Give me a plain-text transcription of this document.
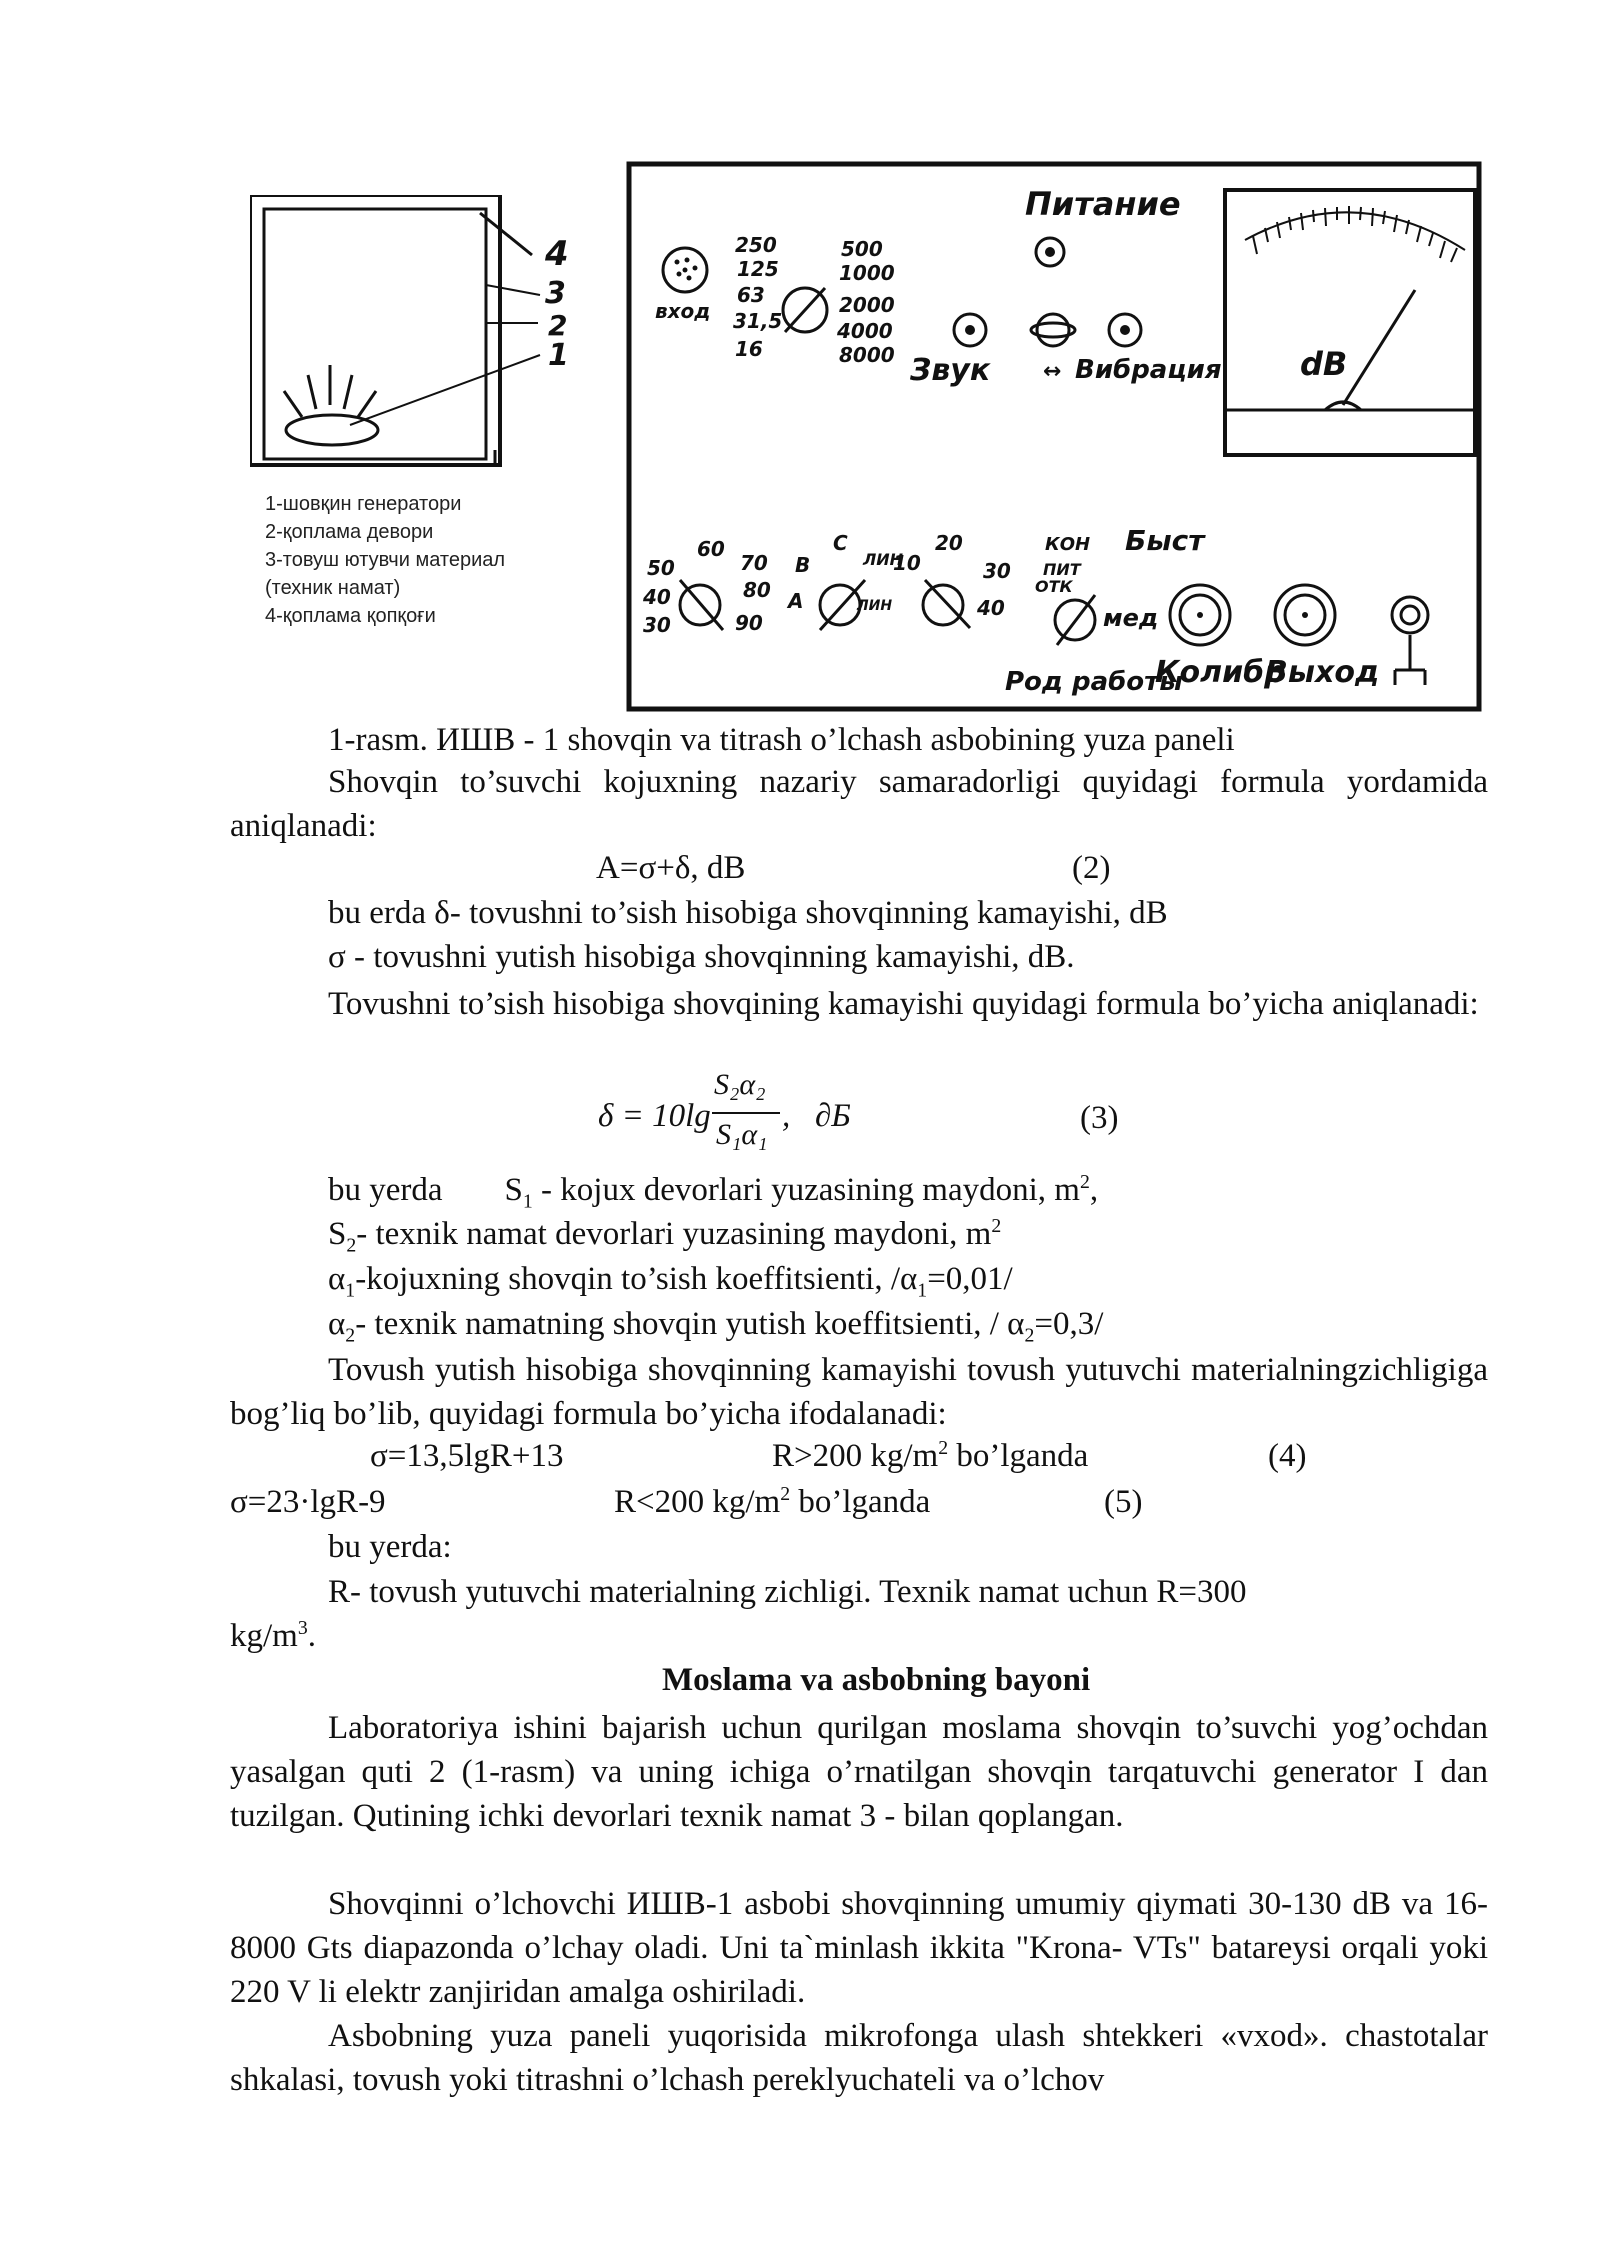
4
3
2
1
1-шовқин генератори
2-қоплама девори
3-товуш ютувчи материал
(техник намат)
4-қоплама қопқоғи
вход
250
125
63
31,5
16
500
1000
2000
4000
8000
Питание
Звук ↔ Вибрация dB
50
60
70
80
90
40
30
B
C
A
ЛИН
ЛИН
10
20
30
40
КОН
ПИТ
ОТК
Быст
мед
Род работы
Колибр
Выход
1-rasm. ИШВ - 1 shovqin va titrash o’lchash asbobining yuza paneli
Shovqin to’suvchi kojuxning nazariy samaradorligi quyidagi formula yordamida aniqlanadi:
A=σ+δ, dB	(2)
bu erda δ- tovushni to’sish hisobiga shovqinning kamayishi, dB
σ - tovushni yutish hisobiga shovqinning kamayishi, dB.
Tovushni to’sish hisobiga shovqining kamayishi quyidagi formula bo’yicha aniqlanadi:
δ = 10lg
S₂α₂
S₁α₁
,   ∂Б	(3)
bu yerda $S_1$ - kojux devorlari yuzasining maydoni, $m^2$,
$S_2-$ texnik namat devorlari yuzasining maydoni, $m^2$
$\alpha_1$-kojuxning shovqin to’sish koeffitsienti, $/\alpha_1=0,01/$
$\alpha_2-$ texnik namatning shovqin yutish koeffitsienti, / $\alpha_2=0,3/$
Tovush yutish hisobiga shovqinning kamayishi tovush yutuvchi materialningzichligiga bog’liq bo’lib, quyidagi formula bo’yicha ifodalanadi:
σ=13,5lgR+13	R>200 $kg/m^2$ bo’lganda	(4)
σ=23·lgR-9	R<200 $kg/m^2$ bo’lganda	(5)
bu yerda:
R- tovush yutuvchi materialning zichligi. Texnik namat uchun R=300
$kg/m^3$.
Moslama va asbobning bayoni
Laboratoriya ishini bajarish uchun qurilgan moslama shovqin to’suvchi yog’ochdan yasalgan quti 2 (1-rasm) va uning ichiga o’rnatilgan shovqin tarqatuvchi generator I dan tuzilgan. Qutining ichki devorlari texnik namat 3 - bilan qoplangan.
Shovqinni o’lchovchi ИШВ-1 asbobi shovqinning umumiy qiymati 30-130 dB va 16-8000 Gts diapazonda o’lchay oladi. Uni ta`minlash ikkita "Krona- VTs" batareysi orqali yoki 220 V li elektr zanjiridan amalga oshiriladi.
Asbobning yuza paneli yuqorisida mikrofonga ulash shtekkeri «vxod». chastotalar shkalasi, tovush yoki titrashni o’lchash pereklyuchateli va o’lchov
